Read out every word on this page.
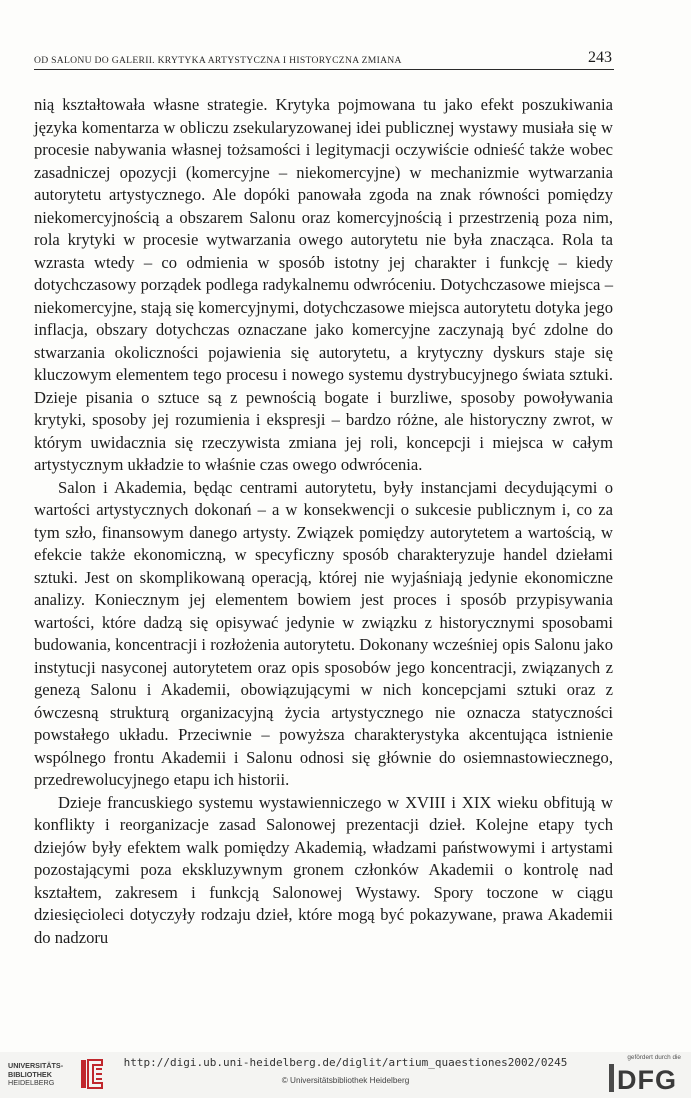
OD SALONU DO GALERII. KRYTYKA ARTYSTYCZNA I HISTORYCZNA ZMIANA	243

nią kształtowała własne strategie. Krytyka pojmowana tu jako efekt poszukiwania języka komentarza w obliczu zsekularyzowanej idei publicznej wystawy musiała się w procesie nabywania własnej tożsamości i legitymacji oczywiście odnieść także wobec zasadniczej opozycji (komercyjne – niekomercyjne) w mechanizmie wytwarzania autorytetu artystycznego. Ale dopóki panowała zgoda na znak równości pomiędzy niekomercyjnością a obszarem Salonu oraz komercyjnością i przestrzenią poza nim, rola krytyki w procesie wytwarzania owego autorytetu nie była znacząca. Rola ta wzrasta wtedy – co odmienia w sposób istotny jej charakter i funkcję – kiedy dotychczasowy porządek podlega radykalnemu odwróceniu. Dotychczasowe miejsca – niekomercyjne, stają się komercyjnymi, dotychczasowe miejsca autorytetu dotyka jego inflacja, obszary dotychczas oznaczane jako komercyjne zaczynają być zdolne do stwarzania okoliczności pojawienia się autorytetu, a krytyczny dyskurs staje się kluczowym elementem tego procesu i nowego systemu dystrybucyjnego świata sztuki. Dzieje pisania o sztuce są z pewnością bogate i burzliwe, sposoby powoływania krytyki, sposoby jej rozumienia i ekspresji – bardzo różne, ale historyczny zwrot, w którym uwidacznia się rzeczywista zmiana jej roli, koncepcji i miejsca w całym artystycznym układzie to właśnie czas owego odwrócenia.

Salon i Akademia, będąc centrami autorytetu, były instancjami decydującymi o wartości artystycznych dokonań – a w konsekwencji o sukcesie publicznym i, co za tym szło, finansowym danego artysty. Związek pomiędzy autorytetem a wartością, w efekcie także ekonomiczną, w specyficzny sposób charakteryzuje handel dziełami sztuki. Jest on skomplikowaną operacją, której nie wyjaśniają jedynie ekonomiczne analizy. Koniecznym jej elementem bowiem jest proces i sposób przypisywania wartości, które dadzą się opisywać jedynie w związku z historycznymi sposobami budowania, koncentracji i rozłożenia autorytetu. Dokonany wcześniej opis Salonu jako instytucji nasyconej autorytetem oraz opis sposobów jego koncentracji, związanych z genezą Salonu i Akademii, obowiązującymi w nich koncepcjami sztuki oraz z ówczesną strukturą organizacyjną życia artystycznego nie oznacza statyczności powstałego układu. Przeciwnie – powyższa charakterystyka akcentująca istnienie wspólnego frontu Akademii i Salonu odnosi się głównie do osiemnastowiecznego, przedrewolucyjnego etapu ich historii.

Dzieje francuskiego systemu wystawienniczego w XVIII i XIX wieku obfitują w konflikty i reorganizacje zasad Salonowej prezentacji dzieł. Kolejne etapy tych dziejów były efektem walk pomiędzy Akademią, władzami państwowymi i artystami pozostającymi poza ekskluzywnym gronem członków Akademii o kontrolę nad kształtem, zakresem i funkcją Salonowej Wystawy. Spory toczone w ciągu dziesięcioleci dotyczyły rodzaju dzieł, które mogą być pokazywane, prawa Akademii do nadzoru

UNIVERSITÄTS-
BIBLIOTHEK
HEIDELBERG
http://digi.ub.uni-heidelberg.de/diglit/artium_quaestiones2002/0245
© Universitätsbibliothek Heidelberg
gefördert durch die
DFG
